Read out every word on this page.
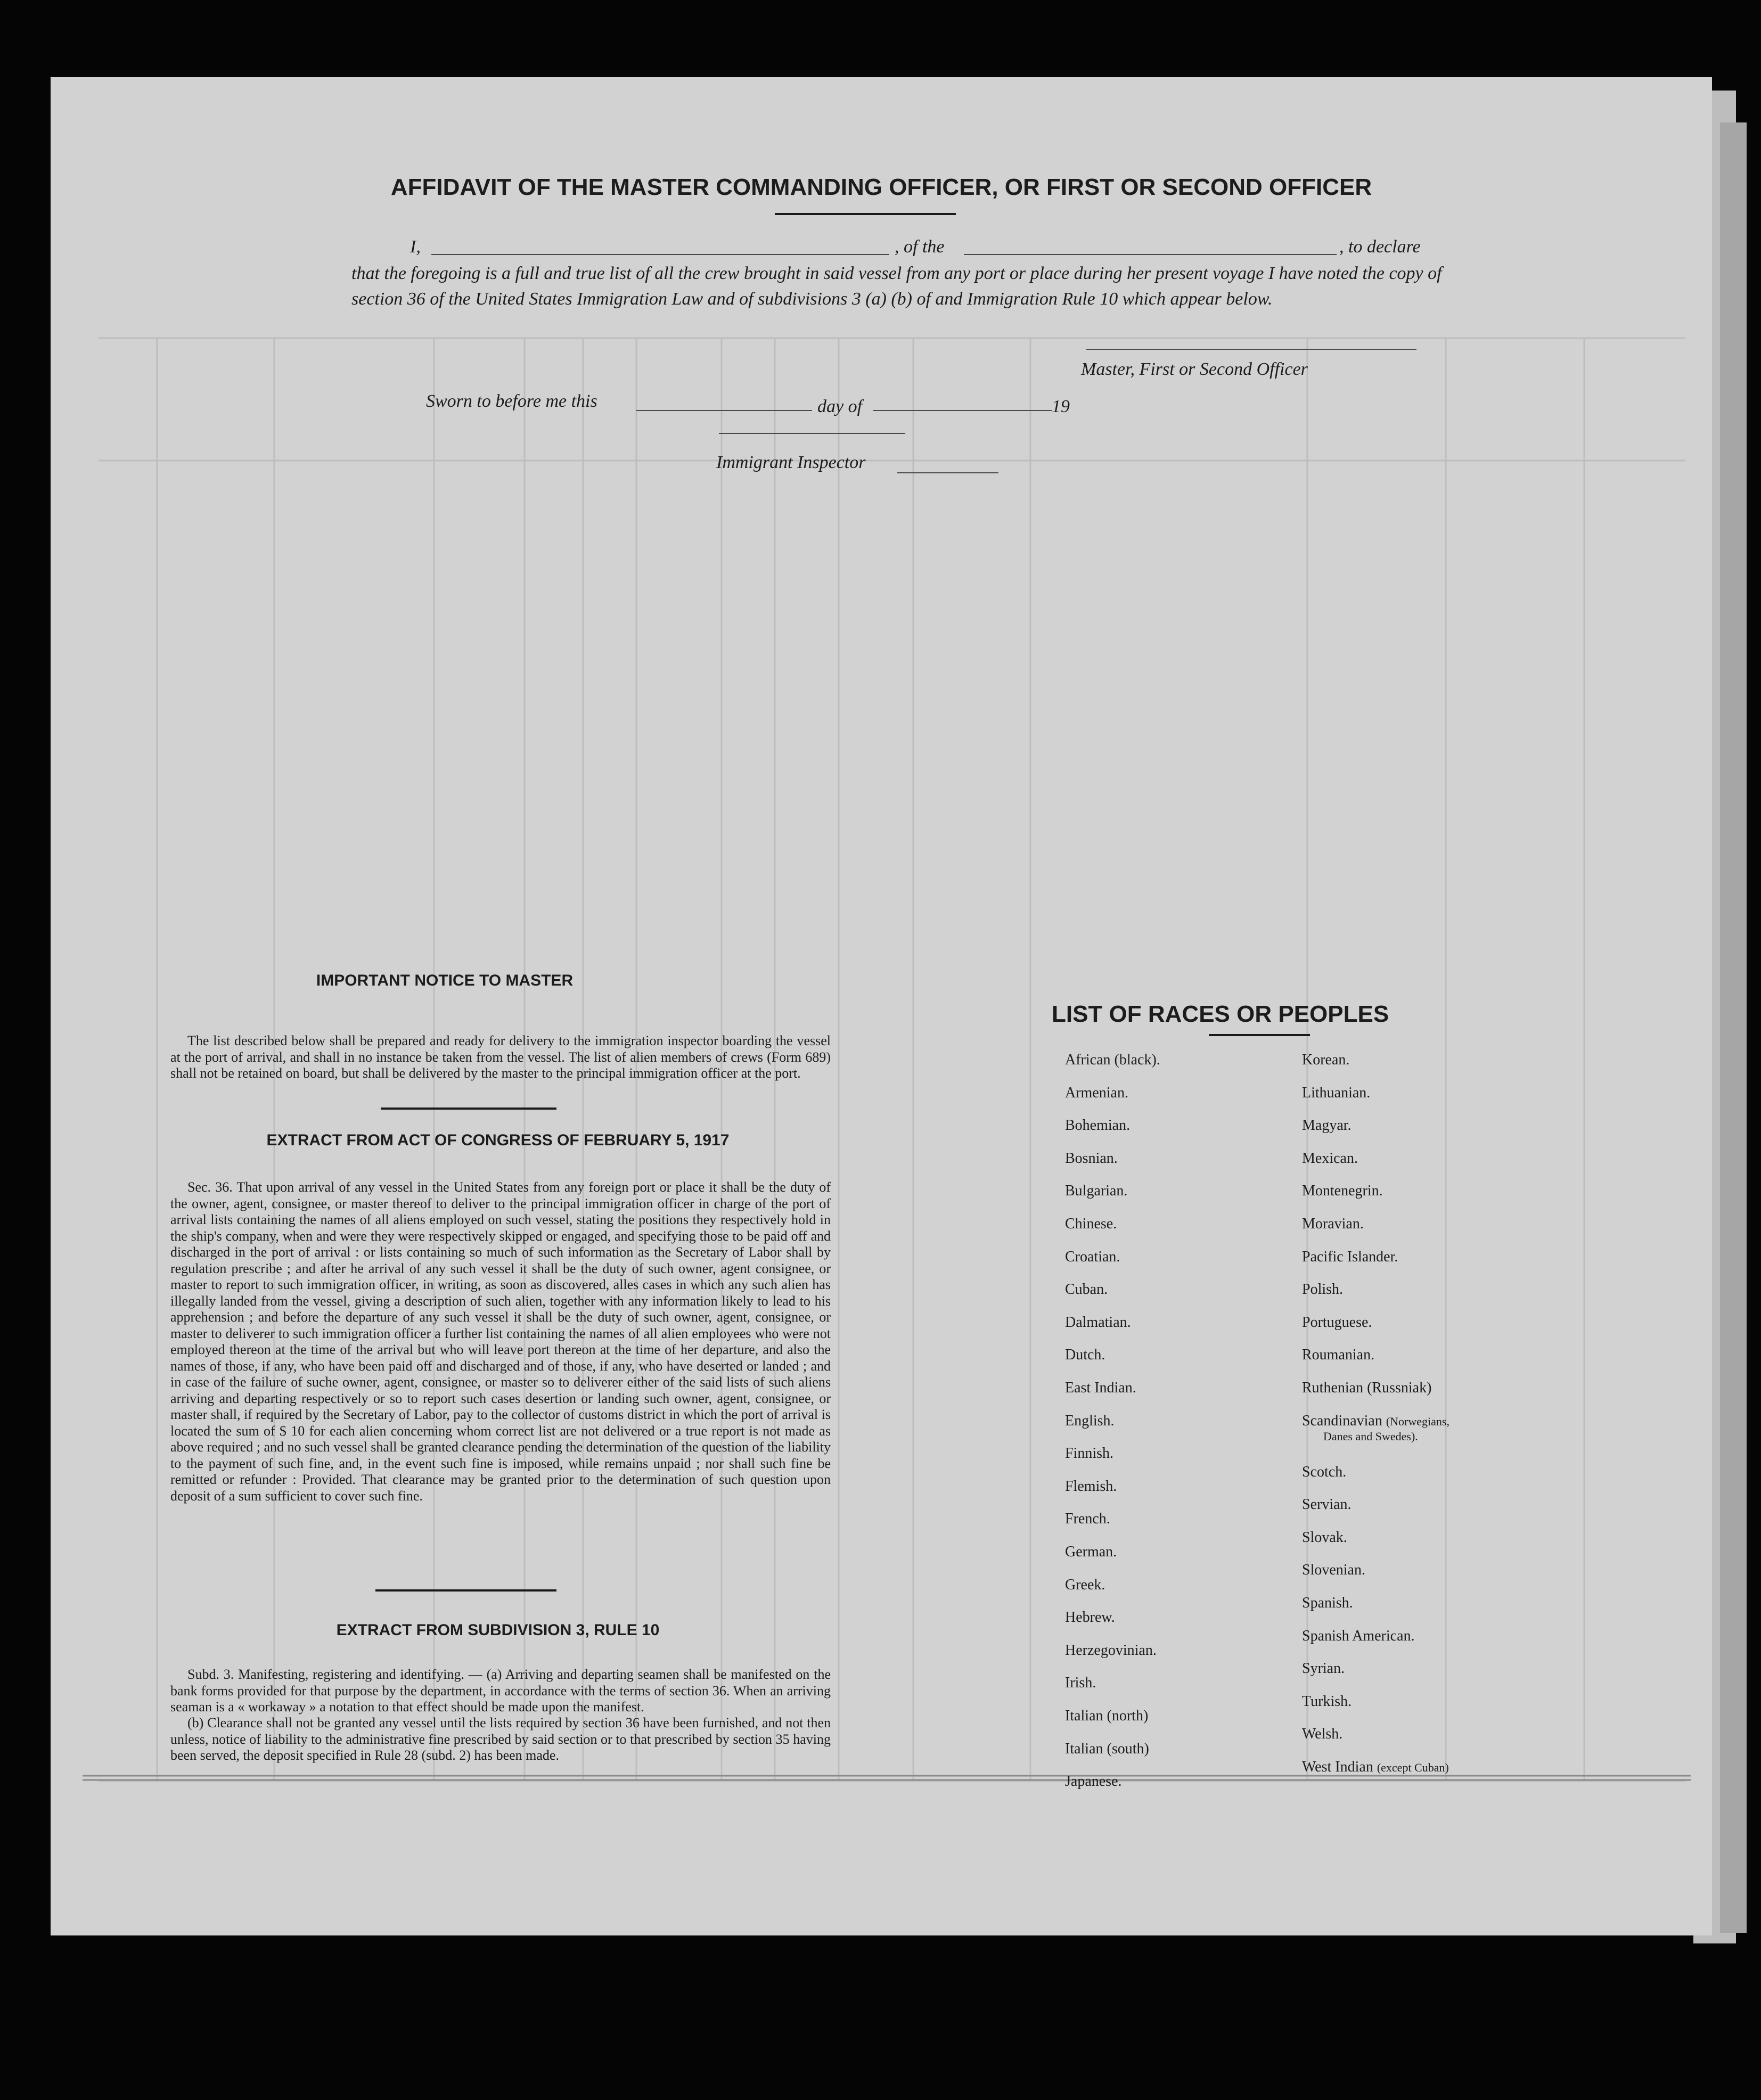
AFFIDAVIT OF THE MASTER COMMANDING OFFICER, OR FIRST OR SECOND OFFICER
I,	, of the	, to declare
that the foregoing is a full and true list of all the crew brought in said vessel from any port or place during her present voyage I have noted the copy of section 36 of the United States Immigration Law and of subdivisions 3 (a) (b) of and Immigration Rule 10 which appear below.
Master, First or Second Officer
Sworn to before me this	day of	19
Immigrant Inspector
IMPORTANT NOTICE TO MASTER
The list described below shall be prepared and ready for delivery to the immigration inspector boarding the vessel at the port of arrival, and shall in no instance be taken from the vessel. The list of alien members of crews (Form 689) shall not be retained on board, but shall be delivered by the master to the principal immigration officer at the port.
EXTRACT FROM ACT OF CONGRESS OF FEBRUARY 5, 1917
Sec. 36. That upon arrival of any vessel in the United States from any foreign port or place it shall be the duty of the owner, agent, consignee, or master thereof to deliver to the principal immigration officer in charge of the port of arrival lists containing the names of all aliens employed on such vessel, stating the positions they respectively hold in the ship's company, when and were they were respectively skipped or engaged, and specifying those to be paid off and discharged in the port of arrival : or lists containing so much of such information as the Secretary of Labor shall by regulation prescribe ; and after he arrival of any such vessel it shall be the duty of such owner, agent consignee, or master to report to such immigration officer, in writing, as soon as discovered, alles cases in which any such alien has illegally landed from the vessel, giving a description of such alien, together with any information likely to lead to his apprehension ; and before the departure of any such vessel it shall be the duty of such owner, agent, consignee, or master to deliverer to such immigration officer a further list containing the names of all alien employees who were not employed thereon at the time of the arrival but who will leave port thereon at the time of her departure, and also the names of those, if any, who have been paid off and discharged and of those, if any, who have deserted or landed ; and in case of the failure of suche owner, agent, consignee, or master so to deliverer either of the said lists of such aliens arriving and departing respectively or so to report such cases desertion or landing such owner, agent, consignee, or master shall, if required by the Secretary of Labor, pay to the collector of customs district in which the port of arrival is located the sum of $ 10 for each alien concerning whom correct list are not delivered or a true report is not made as above required ; and no such vessel shall be granted clearance pending the determination of the question of the liability to the payment of such fine, and, in the event such fine is imposed, while remains unpaid ; nor shall such fine be remitted or refunder : Provided. That clearance may be granted prior to the determination of such question upon deposit of a sum sufficient to cover such fine.
EXTRACT FROM SUBDIVISION 3, RULE 10
Subd. 3. Manifesting, registering and identifying. — (a) Arriving and departing seamen shall be manifested on the bank forms provided for that purpose by the department, in accordance with the terms of section 36. When an arriving seaman is a « workaway » a notation to that effect should be made upon the manifest.
(b) Clearance shall not be granted any vessel until the lists required by section 36 have been furnished, and not then unless, notice of liability to the administrative fine prescribed by said section or to that prescribed by section 35 having been served, the deposit specified in Rule 28 (subd. 2) has been made.
LIST OF RACES OR PEOPLES
African (black).
Armenian.
Bohemian.
Bosnian.
Bulgarian.
Chinese.
Croatian.
Cuban.
Dalmatian.
Dutch.
East Indian.
English.
Finnish.
Flemish.
French.
German.
Greek.
Hebrew.
Herzegovinian.
Irish.
Italian (north)
Italian (south)
Japanese.
Korean.
Lithuanian.
Magyar.
Mexican.
Montenegrin.
Moravian.
Pacific Islander.
Polish.
Portuguese.
Roumanian.
Ruthenian (Russniak)
Scandinavian (Norwegians,
Danes and Swedes).
Scotch.
Servian.
Slovak.
Slovenian.
Spanish.
Spanish American.
Syrian.
Turkish.
Welsh.
West Indian (except Cuban)
